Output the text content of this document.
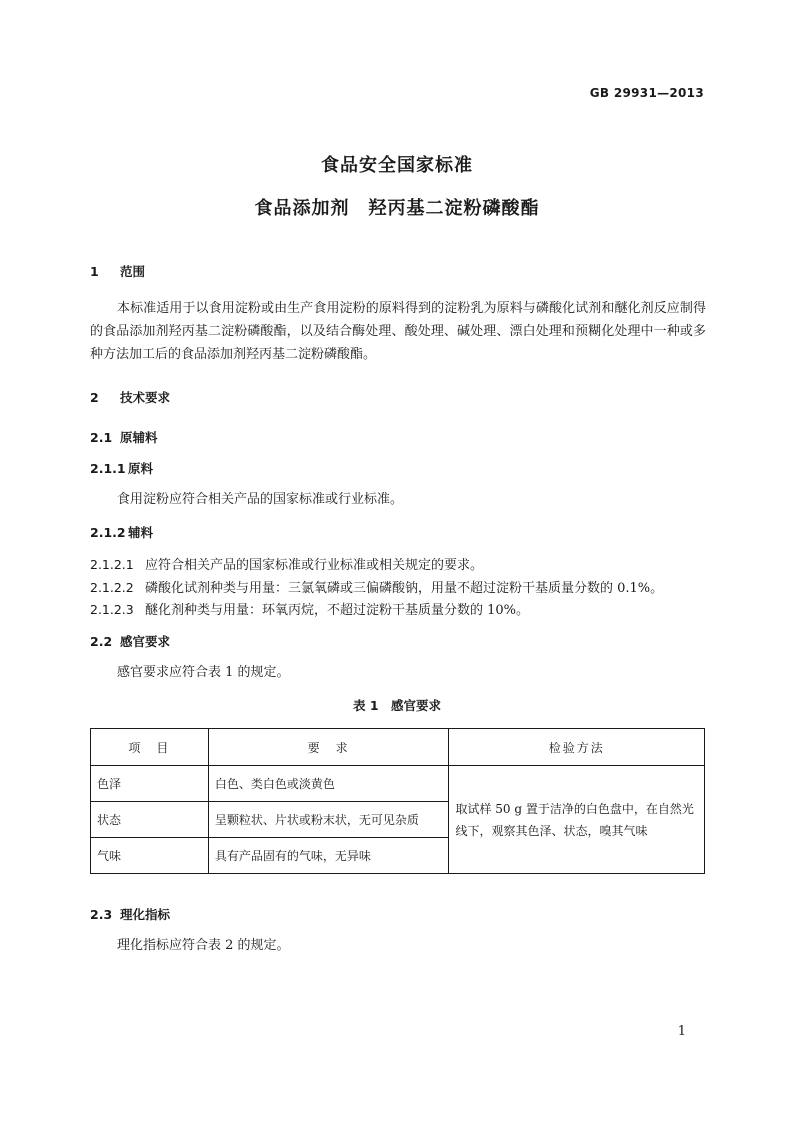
GB 29931—2013
食品安全国家标准
食品添加剂　羟丙基二淀粉磷酸酯
1 范围
本标准适用于以食用淀粉或由生产食用淀粉的原料得到的淀粉乳为原料与磷酸化试剂和醚化剂反应制得的食品添加剂羟丙基二淀粉磷酸酯，以及结合酶处理、酸处理、碱处理、漂白处理和预糊化处理中一种或多种方法加工后的食品添加剂羟丙基二淀粉磷酸酯。
2 技术要求
2.1 原辅料
2.1.1 原料
食用淀粉应符合相关产品的国家标准或行业标准。
2.1.2 辅料
2.1.2.1 应符合相关产品的国家标准或行业标准或相关规定的要求。
2.1.2.2 磷酸化试剂种类与用量：三氯氧磷或三偏磷酸钠，用量不超过淀粉干基质量分数的 0.1%。
2.1.2.3 醚化剂种类与用量：环氧丙烷，不超过淀粉干基质量分数的 10%。
2.2 感官要求
感官要求应符合表 1 的规定。
表 1　感官要求
项　目	要　求	检验方法
色泽	白色、类白色或淡黄色	取试样 50 g 置于洁净的白色盘中，在自然光线下，观察其色泽、状态，嗅其气味
状态	呈颗粒状、片状或粉末状，无可见杂质	
气味	具有产品固有的气味，无异味	
2.3 理化指标
理化指标应符合表 2 的规定。
1
